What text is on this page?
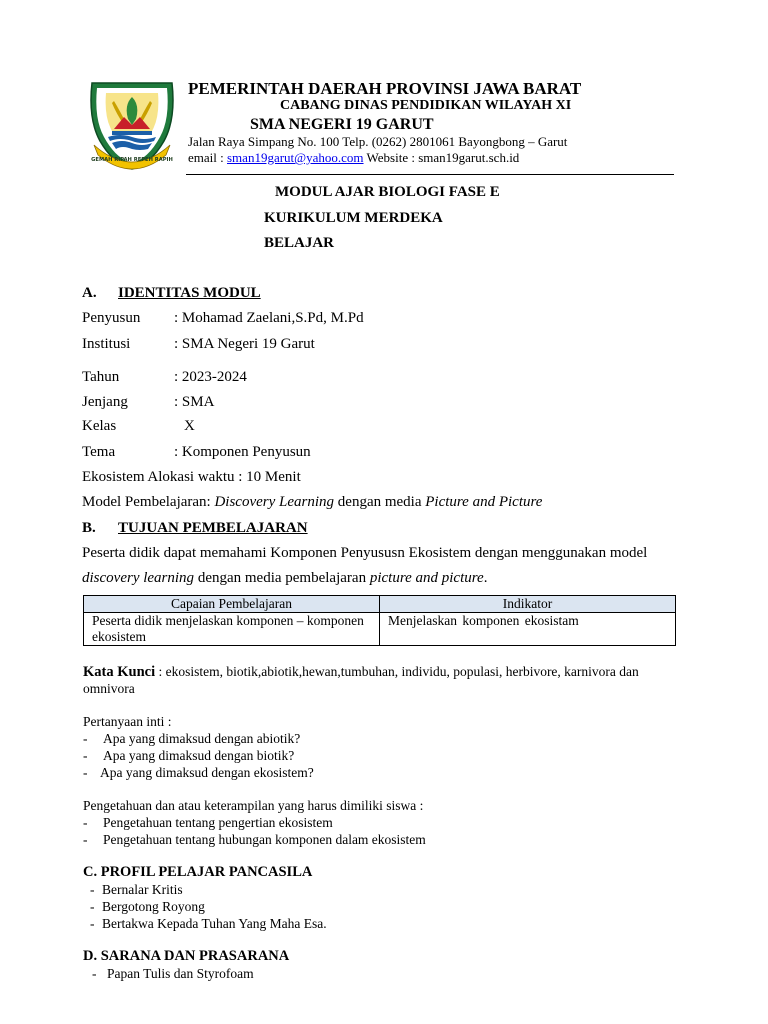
GEMAH RIPAH REPEH RAPIH
PEMERINTAH DAERAH PROVINSI JAWA BARAT
CABANG DINAS PENDIDIKAN WILAYAH XI
SMA NEGERI 19 GARUT
Jalan Raya Simpang No. 100 Telp. (0262) 2801061 Bayongbong – Garut
email : sman19garut@yahoo.com Website : sman19garut.sch.id
MODUL AJAR BIOLOGI FASE E
KURIKULUM MERDEKA
BELAJAR
A. IDENTITAS MODUL
Penyusun : Mohamad Zaelani,S.Pd, M.Pd
Institusi	: SMA Negeri 19 Garut
Tahun	: 2023-2024
Jenjang	: SMA
Kelas	X
Tema	: Komponen Penyusun
Ekosistem Alokasi waktu : 10 Menit
Model Pembelajaran: Discovery Learning dengan media Picture and Picture
B. TUJUAN PEMBELAJARAN
Peserta didik dapat memahami Komponen Penyususn Ekosistem dengan menggunakan model
discovery learning dengan media pembelajaran picture and picture.
Capaian Pembelajaran	Indikator
Peserta didik menjelaskan komponen – komponen ekosistem	Menjelaskan komponen ekosistam
Kata Kunci : ekosistem, biotik,abiotik,hewan,tumbuhan, individu, populasi, herbivore, karnivora dan
omnivora
Pertanyaan inti :
- Apa yang dimaksud dengan abiotik?
- Apa yang dimaksud dengan biotik?
- Apa yang dimaksud dengan ekosistem?
Pengetahuan dan atau keterampilan yang harus dimiliki siswa :
- Pengetahuan tentang pengertian ekosistem
- Pengetahuan tentang hubungan komponen dalam ekosistem
C. PROFIL PELAJAR PANCASILA
- Bernalar Kritis
- Bergotong Royong
- Bertakwa Kepada Tuhan Yang Maha Esa.
D. SARANA DAN PRASARANA
- Papan Tulis dan Styrofoam
